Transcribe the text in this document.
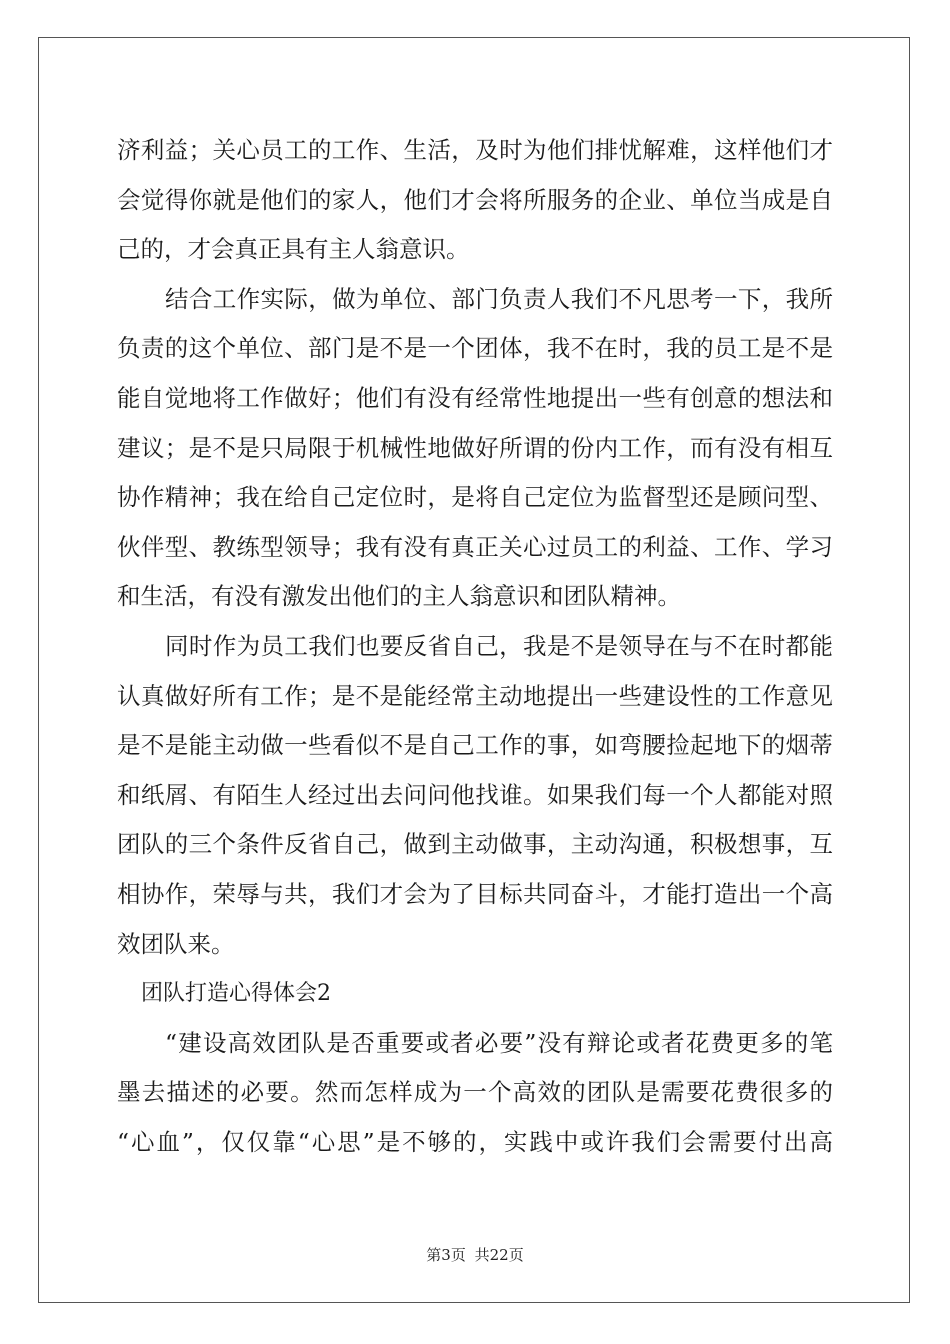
济利益；关心员工的工作、生活，及时为他们排忧解难，这样他们才
会觉得你就是他们的家人，他们才会将所服务的企业、单位当成是自
己的，才会真正具有主人翁意识。
结合工作实际，做为单位、部门负责人我们不凡思考一下，我所
负责的这个单位、部门是不是一个团体，我不在时，我的员工是不是
能自觉地将工作做好；他们有没有经常性地提出一些有创意的想法和
建议；是不是只局限于机械性地做好所谓的份内工作，而有没有相互
协作精神；我在给自己定位时，是将自己定位为监督型还是顾问型、
伙伴型、教练型领导；我有没有真正关心过员工的利益、工作、学习
和生活，有没有激发出他们的主人翁意识和团队精神。
同时作为员工我们也要反省自己，我是不是领导在与不在时都能
认真做好所有工作；是不是能经常主动地提出一些建设性的工作意见
是不是能主动做一些看似不是自己工作的事，如弯腰捡起地下的烟蒂
和纸屑、有陌生人经过出去问问他找谁。如果我们每一个人都能对照
团队的三个条件反省自己，做到主动做事，主动沟通，积极想事，互
相协作，荣辱与共，我们才会为了目标共同奋斗，才能打造出一个高
效团队来。
团队打造心得体会2
“建设高效团队是否重要或者必要”没有辩论或者花费更多的笔
墨去描述的必要。然而怎样成为一个高效的团队是需要花费很多的
“心血”，仅仅靠“心思”是不够的，实践中或许我们会需要付出高
第3页 共22页
